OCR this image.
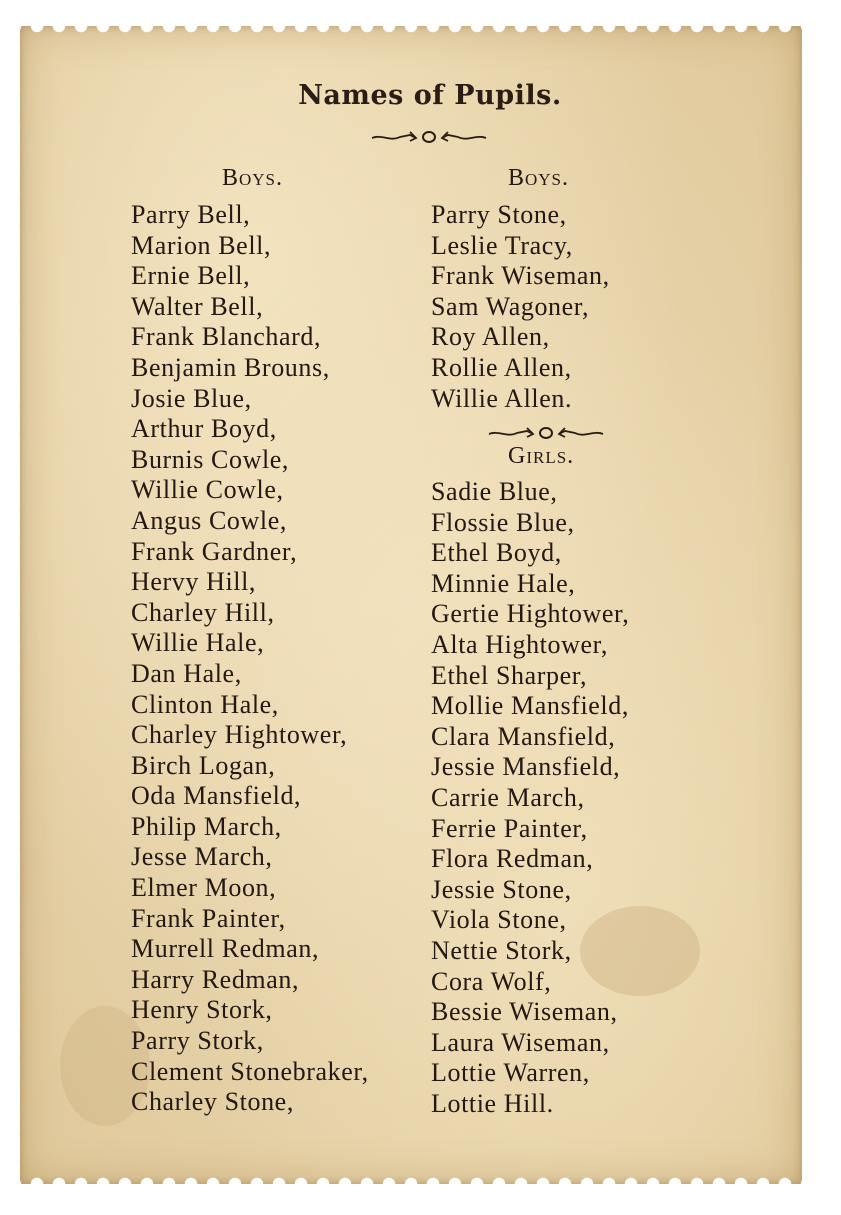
Names of Pupils.
Boys.	Boys.
Parry Bell,
Marion Bell,
Ernie Bell,
Walter Bell,
Frank Blanchard,
Benjamin Brouns,
Josie Blue,
Arthur Boyd,
Burnis Cowle,
Willie Cowle,
Angus Cowle,
Frank Gardner,
Hervy Hill,
Charley Hill,
Willie Hale,
Dan Hale,
Clinton Hale,
Charley Hightower,
Birch Logan,
Oda Mansfield,
Philip March,
Jesse March,
Elmer Moon,
Frank Painter,
Murrell Redman,
Harry Redman,
Henry Stork,
Parry Stork,
Clement Stonebraker,
Charley Stone,
Parry Stone,
Leslie Tracy,
Frank Wiseman,
Sam Wagoner,
Roy Allen,
Rollie Allen,
Willie Allen.
Girls.
Sadie Blue,
Flossie Blue,
Ethel Boyd,
Minnie Hale,
Gertie Hightower,
Alta Hightower,
Ethel Sharper,
Mollie Mansfield,
Clara Mansfield,
Jessie Mansfield,
Carrie March,
Ferrie Painter,
Flora Redman,
Jessie Stone,
Viola Stone,
Nettie Stork,
Cora Wolf,
Bessie Wiseman,
Laura Wiseman,
Lottie Warren,
Lottie Hill.
